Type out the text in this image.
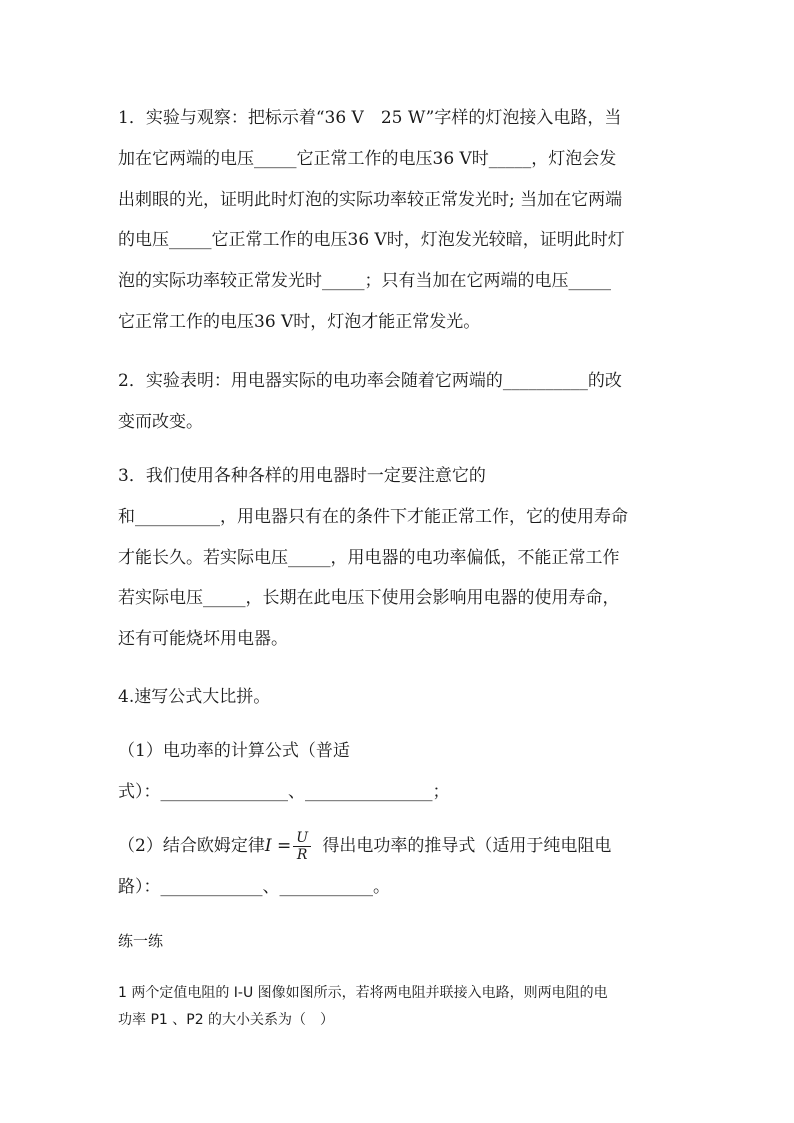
1．实验与观察：把标示着“36 V　25 W”字样的灯泡接入电路，当
加在它两端的电压_____它正常工作的电压36 V时_____，灯泡会发
出刺眼的光，证明此时灯泡的实际功率较正常发光时; 当加在它两端
的电压_____它正常工作的电压36 V时，灯泡发光较暗，证明此时灯
泡的实际功率较正常发光时_____；只有当加在它两端的电压_____
它正常工作的电压36 V时，灯泡才能正常发光。
2．实验表明：用电器实际的电功率会随着它两端的__________的改
变而改变。
3．我们使用各种各样的用电器时一定要注意它的
和__________，用电器只有在的条件下才能正常工作，它的使用寿命
才能长久。若实际电压_____，用电器的电功率偏低，不能正常工作
若实际电压_____，长期在此电压下使用会影响用电器的使用寿命，
还有可能烧坏用电器。
4.速写公式大比拼。
（1）电功率的计算公式（普适
式）：_______________、_______________；
（2）结合欧姆定律$I = \frac{U}{R}$ 得出电功率的推导式（适用于纯电阻电
路）：____________、___________。
练一练
1 两个定值电阻的 I-U 图像如图所示，若将两电阻并联接入电路，则两电阻的电
功率 P1 、P2 的大小关系为（　）
